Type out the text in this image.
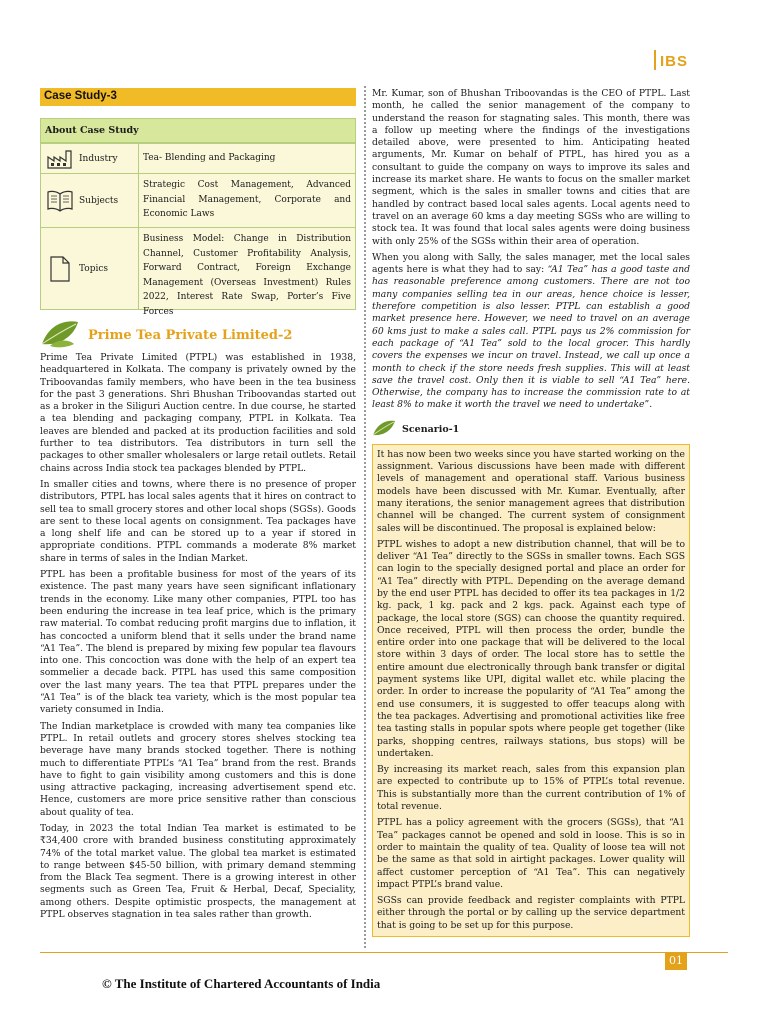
IBS
Case Study-3
About Case Study
Industry	Tea- Blending and Packaging
Subjects
Strategic Cost Management, Advanced Financial Management, Corporate and Economic Laws
Topics
Business Model: Change in Distribution Channel, Customer Profitability Analysis, Forward Contract, Foreign Exchange Management (Overseas Investment) Rules 2022, Interest Rate Swap, Porter’s Five Forces
Prime Tea Private Limited-2

Prime Tea Private Limited (PTPL) was established in 1938, headquartered in Kolkata. The company is privately owned by the Triboovandas family members, who have been in the tea business for the past 3 generations. Shri Bhushan Triboovandas started out as a broker in the Siliguri Auction centre. In due course, he started a tea blending and packaging company, PTPL in Kolkata. Tea leaves are blended and packed at its production facilities and sold further to tea distributors. Tea distributors in turn sell the packages to other smaller wholesalers or large retail outlets. Retail chains across India stock tea packages blended by PTPL.

In smaller cities and towns, where there is no presence of proper distributors, PTPL has local sales agents that it hires on contract to sell tea to small grocery stores and other local shops (SGSs). Goods are sent to these local agents on consignment. Tea packages have a long shelf life and can be stored up to a year if stored in appropriate conditions. PTPL commands a moderate 8% market share in terms of sales in the Indian Market.

PTPL has been a profitable business for most of the years of its existence. The past many years have seen significant inflationary trends in the economy. Like many other companies, PTPL too has been enduring the increase in tea leaf price, which is the primary raw material. To combat reducing profit margins due to inflation, it has concocted a uniform blend that it sells under the brand name “A1 Tea”. The blend is prepared by mixing few popular tea flavours into one. This concoction was done with the help of an expert tea sommelier a decade back. PTPL has used this same composition over the last many years. The tea that PTPL prepares under the “A1 Tea” is of the black tea variety, which is the most popular tea variety consumed in India.

The Indian marketplace is crowded with many tea companies like PTPL. In retail outlets and grocery stores shelves stocking tea beverage have many brands stocked together. There is nothing much to differentiate PTPL’s “A1 Tea” brand from the rest. Brands have to fight to gain visibility among customers and this is done using attractive packaging, increasing advertisement spend etc. Hence, customers are more price sensitive rather than conscious about quality of tea.

Today, in 2023 the total Indian Tea market is estimated to be ₹34,400 crore with branded business constituting approximately 74% of the total market value. The global tea market is estimated to range between $45-50 billion, with primary demand stemming from the Black Tea segment. There is a growing interest in other segments such as Green Tea, Fruit & Herbal, Decaf, Speciality, among others. Despite optimistic prospects, the management at PTPL observes stagnation in tea sales rather than growth.

Mr. Kumar, son of Bhushan Triboovandas is the CEO of PTPL. Last month, he called the senior management of the company to understand the reason for stagnating sales. This month, there was a follow up meeting where the findings of the investigations detailed above, were presented to him. Anticipating heated arguments, Mr. Kumar on behalf of PTPL, has hired you as a consultant to guide the company on ways to improve its sales and increase its market share. He wants to focus on the smaller market segment, which is the sales in smaller towns and cities that are handled by contract based local sales agents. Local agents need to travel on an average 60 kms a day meeting SGSs who are willing to stock tea. It was found that local sales agents were doing business with only 25% of the SGSs within their area of operation.

When you along with Sally, the sales manager, met the local sales agents here is what they had to say: “A1 Tea” has a good taste and has reasonable preference among customers. There are not too many companies selling tea in our areas, hence choice is lesser, therefore competition is also lesser. PTPL can establish a good market presence here. However, we need to travel on an average 60 kms just to make a sales call. PTPL pays us 2% commission for each package of “A1 Tea” sold to the local grocer. This hardly covers the expenses we incur on travel. Instead, we call up once a month to check if the store needs fresh supplies. This will at least save the travel cost. Only then it is viable to sell “A1 Tea” here. Otherwise, the company has to increase the commission rate to at least 8% to make it worth the travel we need to undertake”.

Scenario-1

It has now been two weeks since you have started working on the assignment. Various discussions have been made with different levels of management and operational staff. Various business models have been discussed with Mr. Kumar. Eventually, after many iterations, the senior management agrees that distribution channel will be changed. The current system of consignment sales will be discontinued. The proposal is explained below:

PTPL wishes to adopt a new distribution channel, that will be to deliver “A1 Tea” directly to the SGSs in smaller towns. Each SGS can login to the specially designed portal and place an order for “A1 Tea” directly with PTPL. Depending on the average demand by the end user PTPL has decided to offer its tea packages in 1/2 kg. pack, 1 kg. pack and 2 kgs. pack. Against each type of package, the local store (SGS) can choose the quantity required. Once received, PTPL will then process the order, bundle the entire order into one package that will be delivered to the local store within 3 days of order. The local store has to settle the entire amount due electronically through bank transfer or digital payment systems like UPI, digital wallet etc. while placing the order. In order to increase the popularity of “A1 Tea” among the end use consumers, it is suggested to offer teacups along with the tea packages. Advertising and promotional activities like free tea tasting stalls in popular spots where people get together (like parks, shopping centres, railways stations, bus stops) will be undertaken.

By increasing its market reach, sales from this expansion plan are expected to contribute up to 15% of PTPL’s total revenue. This is substantially more than the current contribution of 1% of total revenue.

PTPL has a policy agreement with the grocers (SGSs), that “A1 Tea” packages cannot be opened and sold in loose. This is so in order to maintain the quality of tea. Quality of loose tea will not be the same as that sold in airtight packages. Lower quality will affect customer perception of “A1 Tea”. This can negatively impact PTPL’s brand value.

SGSs can provide feedback and register complaints with PTPL either through the portal or by calling up the service department that is going to be set up for this purpose.

01
© The Institute of Chartered Accountants of India
